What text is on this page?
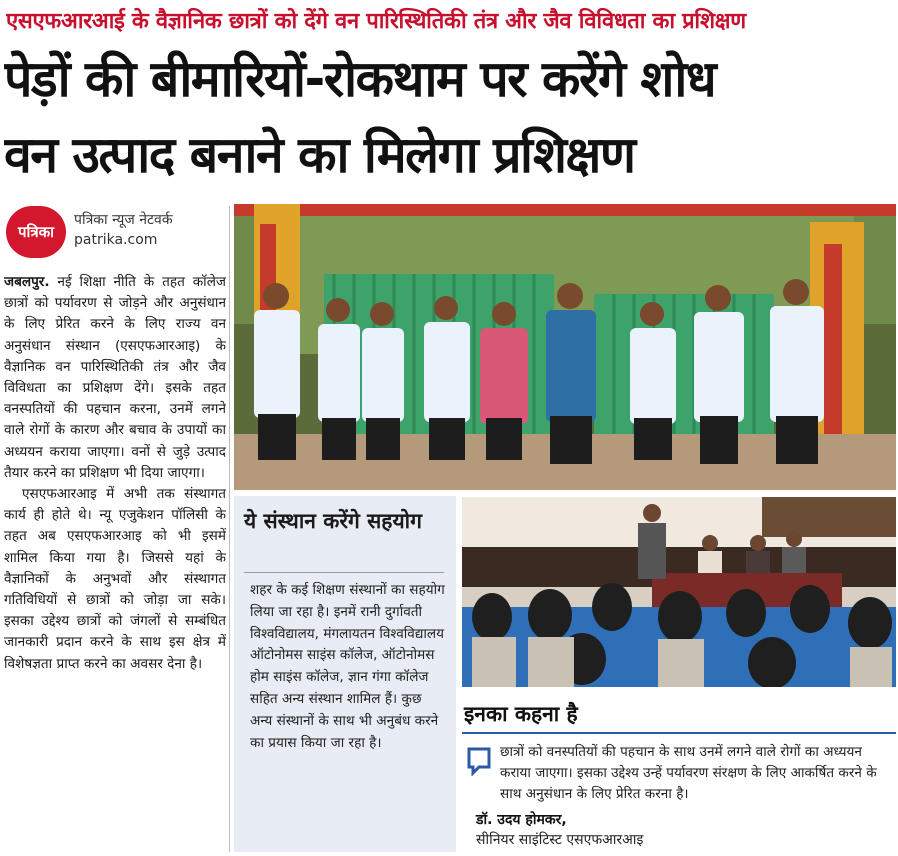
एसएफआरआई के वैज्ञानिक छात्रों को देंगे वन पारिस्थितिकी तंत्र और जैव विविधता का प्रशिक्षण
पेड़ों की बीमारियों-रोकथाम पर करेंगे शोध
वन उत्पाद बनाने का मिलेगा प्रशिक्षण
पत्रिका
पत्रिका न्यूज नेटवर्क
patrika.com

जबलपुर. नई शिक्षा नीति के तहत कॉलेज छात्रों को पर्यावरण से जोड़ने और अनुसंधान के लिए प्रेरित करने के लिए राज्य वन अनुसंधान संस्थान (एसएफआरआइ) के वैज्ञानिक वन पारिस्थितिकी तंत्र और जैव विविधता का प्रशिक्षण देंगे। इसके तहत वनस्पतियों की पहचान करना, उनमें लगने वाले रोगों के कारण और बचाव के उपायों का अध्ययन कराया जाएगा। वनों से जुड़े उत्पाद तैयार करने का प्रशिक्षण भी दिया जाएगा।

एसएफआरआइ में अभी तक संस्थागत कार्य ही होते थे। न्यू एजुकेशन पॉलिसी के तहत अब एसएफआरआइ को भी इसमें शामिल किया गया है। जिससे यहां के वैज्ञानिकों के अनुभवों और संस्थागत गतिविधियों से छात्रों को जोड़ा जा सके। इसका उद्देश्य छात्रों को जंगलों से सम्बंधित जानकारी प्रदान करने के साथ इस क्षेत्र में विशेषज्ञता प्राप्त करने का अवसर देना है।

ये संस्थान करेंगे सहयोग
शहर के कई शिक्षण संस्थानों का सहयोग लिया जा रहा है। इनमें रानी दुर्गावती विश्वविद्यालय, मंगलायतन विश्वविद्यालय ऑटोनोमस साइंस कॉलेज, ऑटोनोमस होम साइंस कॉलेज, ज्ञान गंगा कॉलेज सहित अन्य संस्थान शामिल हैं। कुछ अन्य संस्थानों के साथ भी अनुबंध करने का प्रयास किया जा रहा है।
इनका कहना है
छात्रों को वनस्पतियों की पहचान के साथ उनमें लगने वाले रोगों का अध्ययन कराया जाएगा। इसका उद्देश्य उन्हें पर्यावरण संरक्षण के लिए आकर्षित करने के साथ अनुसंधान के लिए प्रेरित करना है।
डॉ. उदय होमकर,
सीनियर साइंटिस्ट एसएफआरआइ
